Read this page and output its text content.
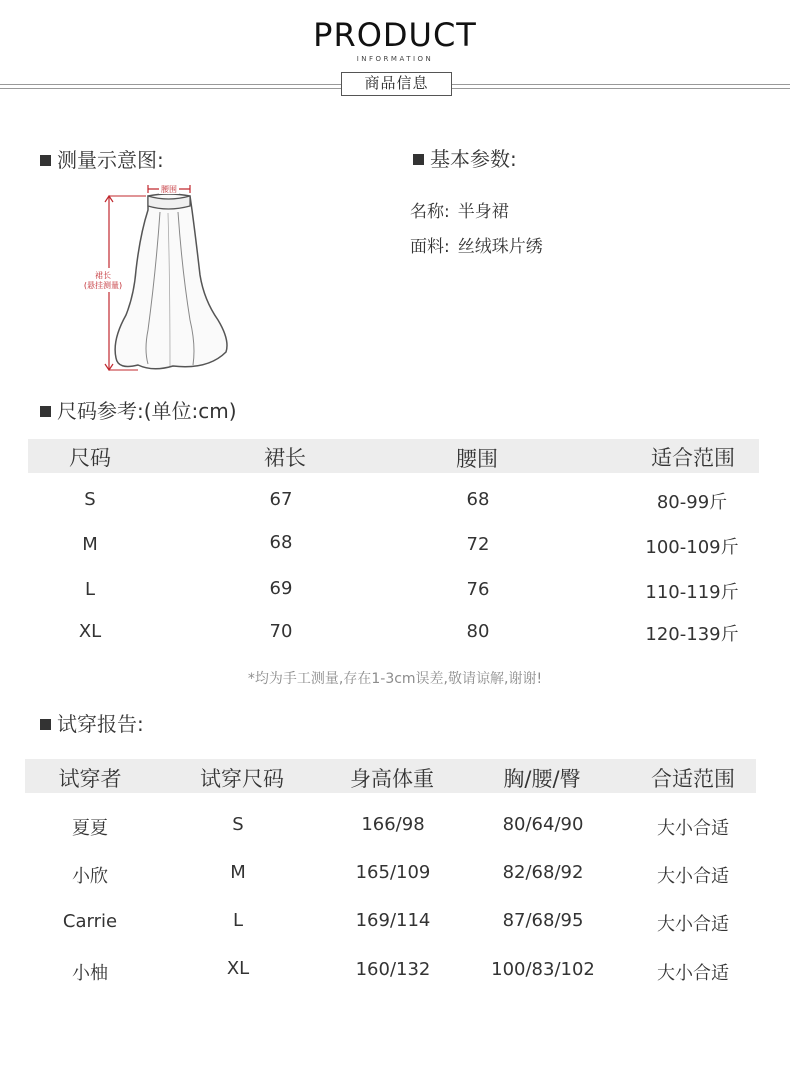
PRODUCT
INFORMATION
商品信息
测量示意图:
腰围
裙长
(悬挂测量)
基本参数:
名称: 半身裙
面料: 丝绒珠片绣
尺码参考:(单位:cm)
尺码	裙长	腰围	适合范围
S	67	68	80-99斤
M	68	72	100-109斤
L	69	76	110-119斤
XL	70	80	120-139斤
*均为手工测量,存在1-3cm误差,敬请谅解,谢谢!
试穿报告:
试穿者	试穿尺码	身高体重	胸/腰/臀	合适范围
夏夏	S	166/98	80/64/90	大小合适
小欣	M	165/109	82/68/92	大小合适
Carrie	L	169/114	87/68/95	大小合适
小柚	XL	160/132	100/83/102	大小合适
